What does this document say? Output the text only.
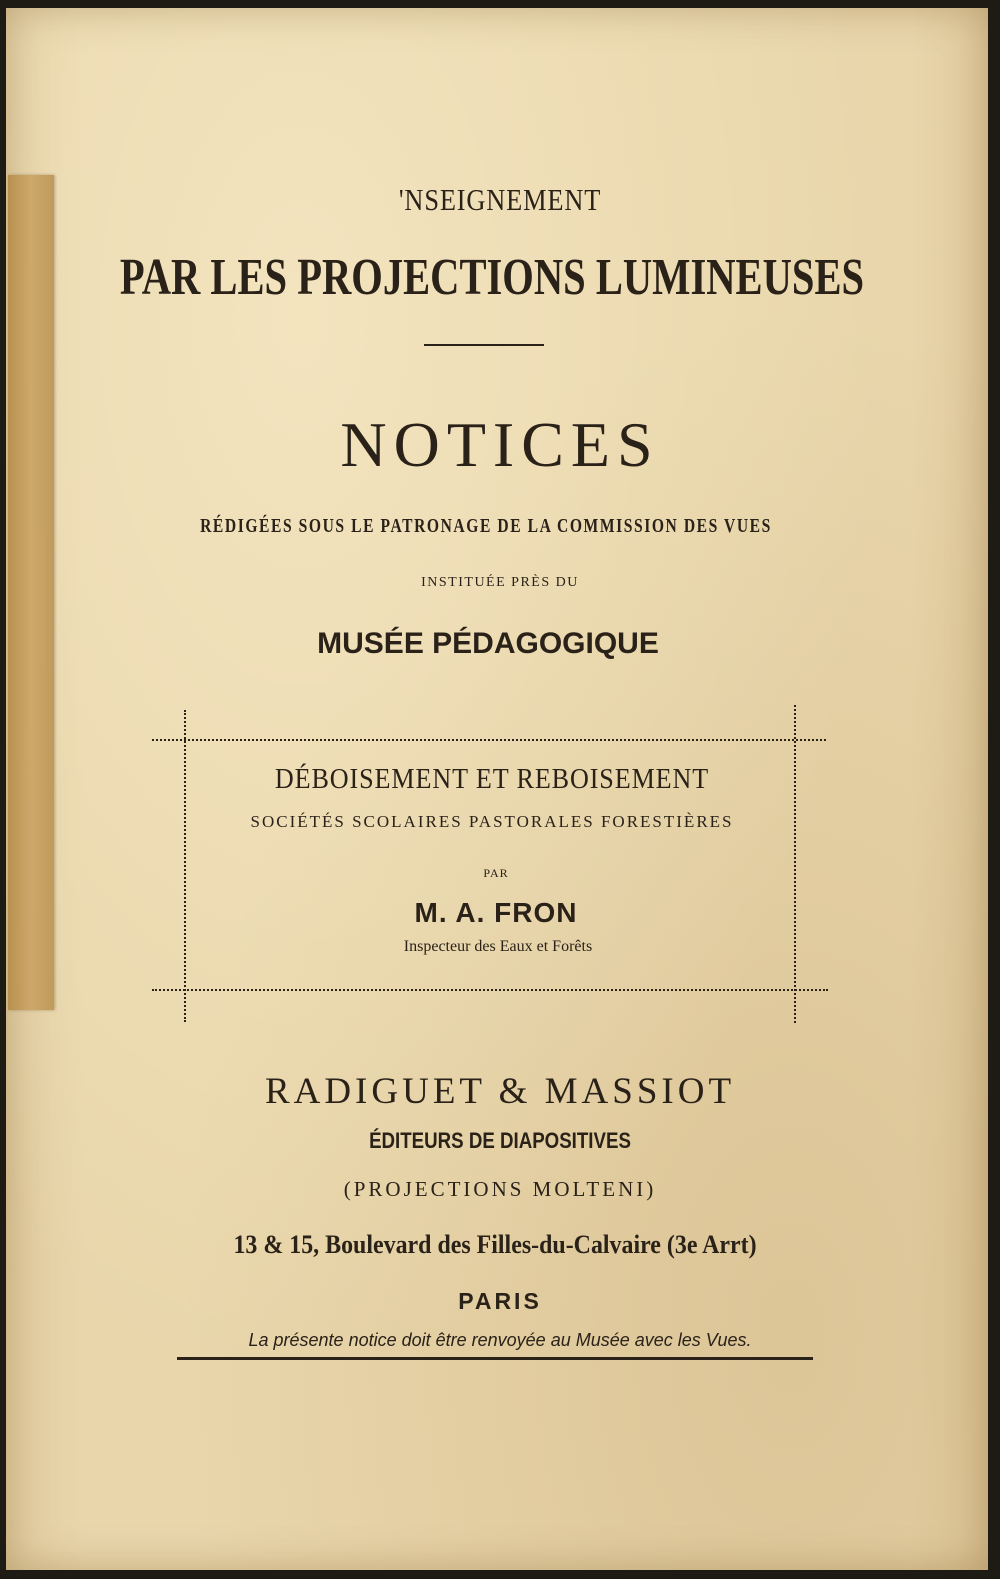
'NSEIGNEMENT
PAR LES PROJECTIONS LUMINEUSES
NOTICES
RÉDIGÉES SOUS LE PATRONAGE DE LA COMMISSION DES VUES
INSTITUÉE PRÈS DU
MUSÉE PÉDAGOGIQUE
DÉBOISEMENT ET REBOISEMENT
SOCIÉTÉS SCOLAIRES PASTORALES FORESTIÈRES
PAR
M. A. FRON
Inspecteur des Eaux et Forêts
RADIGUET & MASSIOT
ÉDITEURS DE DIAPOSITIVES
(PROJECTIONS MOLTENI)
13 & 15, Boulevard des Filles-du-Calvaire (3e Arrt)
PARIS
La présente notice doit être renvoyée au Musée avec les Vues.
